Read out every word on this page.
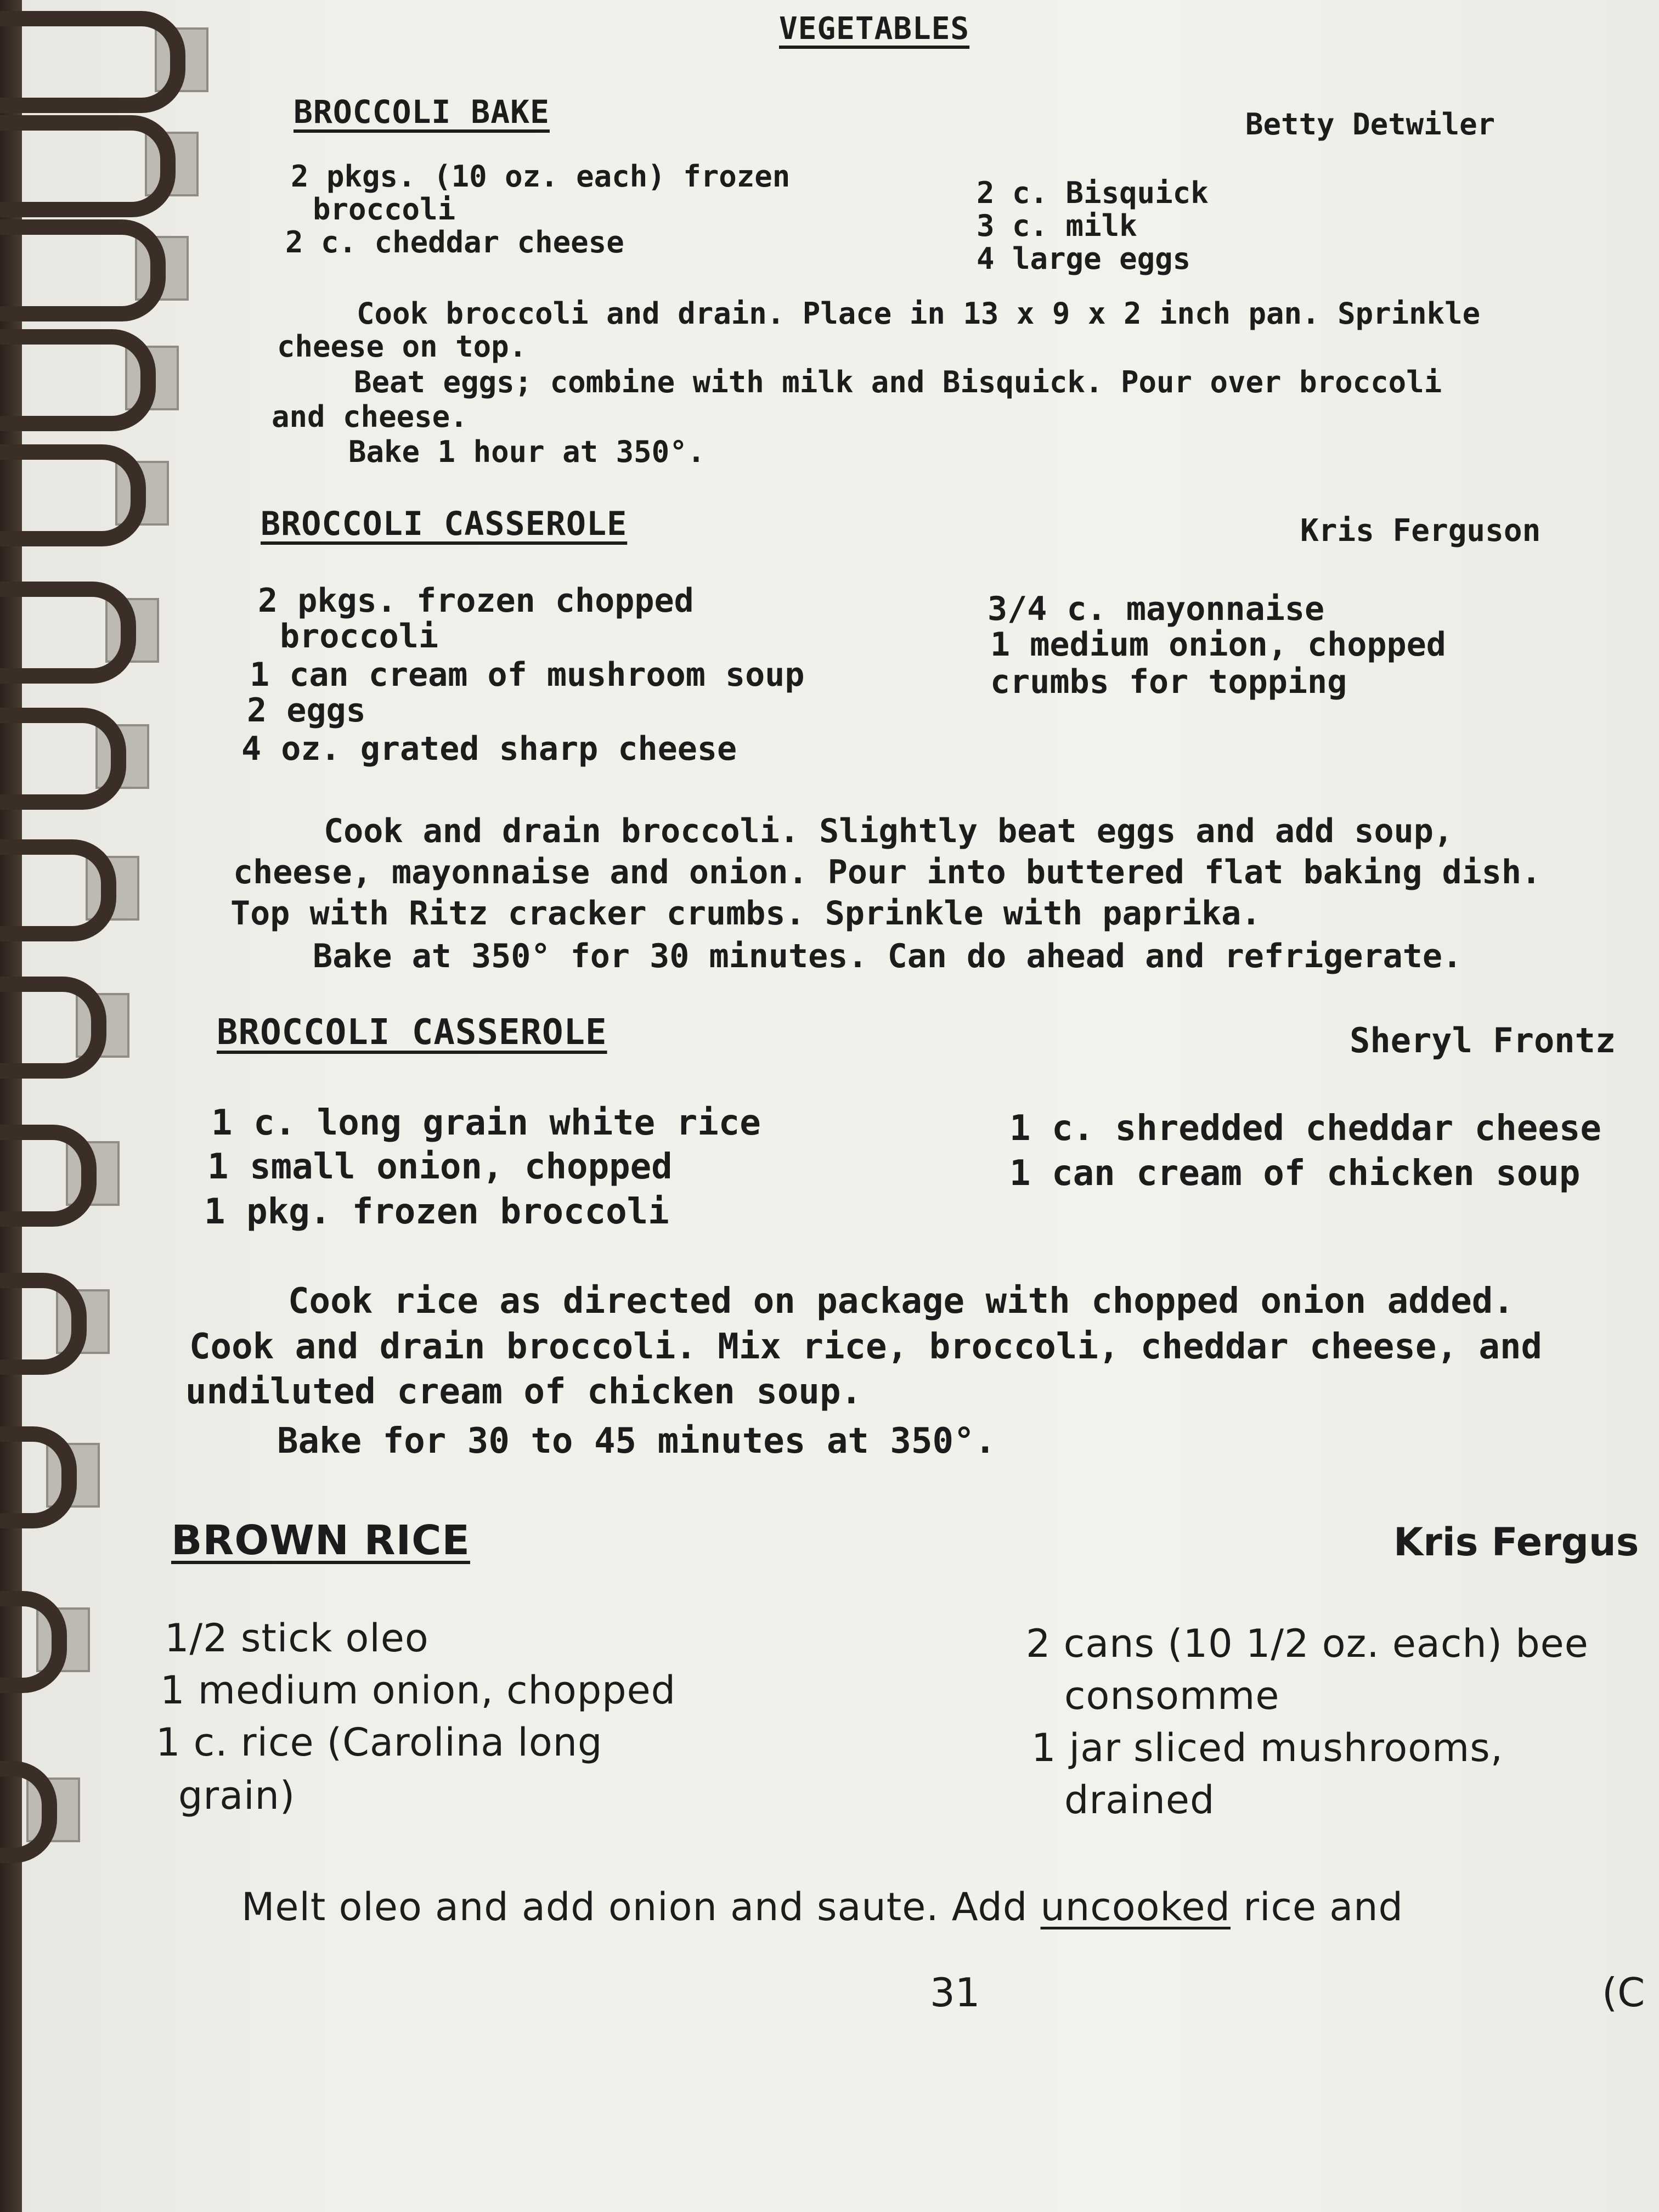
VEGETABLES
BROCCOLI BAKE	Betty Detwiler
2 pkgs. (10 oz. each) frozen
broccoli
2 c. cheddar cheese
2 c. Bisquick
3 c. milk
4 large eggs
Cook broccoli and drain. Place in 13 x 9 x 2 inch pan. Sprinkle
cheese on top.
Beat eggs; combine with milk and Bisquick. Pour over broccoli
and cheese.
Bake 1 hour at 350°.
BROCCOLI CASSEROLE	Kris Ferguson
2 pkgs. frozen chopped
broccoli
1 can cream of mushroom soup
2 eggs
4 oz. grated sharp cheese
3/4 c. mayonnaise
1 medium onion, chopped
crumbs for topping
Cook and drain broccoli. Slightly beat eggs and add soup,
cheese, mayonnaise and onion. Pour into buttered flat baking dish.
Top with Ritz cracker crumbs. Sprinkle with paprika.
Bake at 350° for 30 minutes. Can do ahead and refrigerate.
BROCCOLI CASSEROLE	Sheryl Frontz
1 c. long grain white rice
1 small onion, chopped
1 pkg. frozen broccoli
1 c. shredded cheddar cheese
1 can cream of chicken soup
Cook rice as directed on package with chopped onion added.
Cook and drain broccoli. Mix rice, broccoli, cheddar cheese, and
undiluted cream of chicken soup.
Bake for 30 to 45 minutes at 350°.
BROWN RICE	Kris Fergus
1/2 stick oleo
1 medium onion, chopped
1 c. rice (Carolina long
grain)
2 cans (10 1/2 oz. each) bee
consomme
1 jar sliced mushrooms,
drained
Melt oleo and add onion and saute. Add uncooked rice and
31	(C
